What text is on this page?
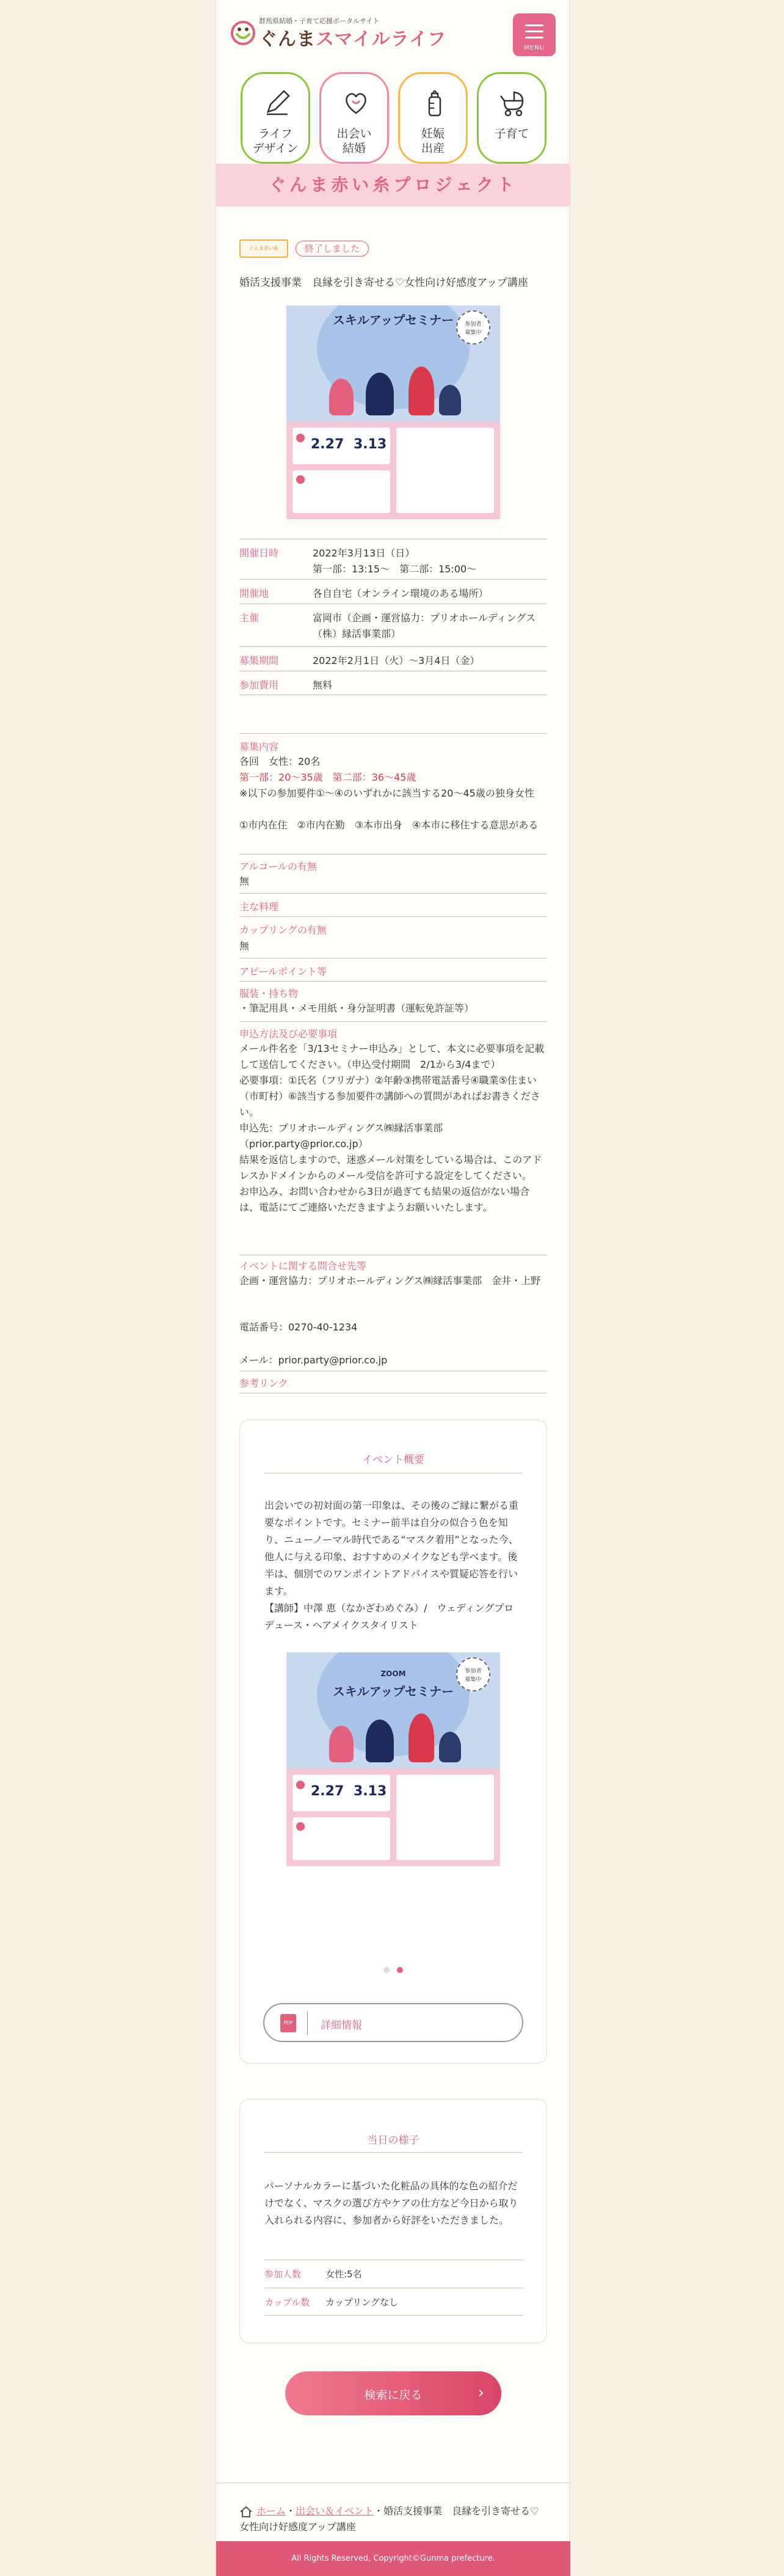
群馬県結婚・子育て応援ポータルサイト
ぐんまスマイルライフ	MENU
ライフ
デザイン
出会い
結婚
妊娠
出産
子育て
ぐんま赤い糸プロジェクト
ぐんま赤い糸	終了しました
婚活支援事業　良縁を引き寄せる♡女性向け好感度アップ講座
スキルアップセミナー	参加者
募集中
2.27 3.13
開催日時	2022年3月13日（日）
第一部：13:15～　第二部：15:00～
開催地	各自自宅（オンライン環境のある場所）
主催	富岡市（企画・運営協力：プリオホールディングス（株）縁活事業部）
募集期間	2022年2月1日（火）〜3月4日（金）
参加費用	無料
募集内容
各回　女性：20名
第一部：20〜35歳　第二部：36〜45歳
※以下の参加要件①〜④のいずれかに該当する20〜45歳の独身女性
①市内在住　②市内在勤　③本市出身　④本市に移住する意思がある
アルコールの有無
無
主な料理
カップリングの有無
無
アピールポイント等
服装・持ち物
・筆記用具・メモ用紙・身分証明書（運転免許証等）
申込方法及び必要事項
メール件名を「3/13セミナー申込み」として、本文に必要事項を記載して送信してください。（申込受付期間　2/1から3/4まで）
必要事項：①氏名（フリガナ）②年齢③携帯電話番号④職業⑤住まい（市町村）⑥該当する参加要件⑦講師への質問があればお書きください。
申込先：プリオホールディングス㈱縁活事業部
（prior.party@prior.co.jp）
結果を返信しますので、迷惑メール対策をしている場合は、このアドレスかドメインからのメール受信を許可する設定をしてください。
お申込み、お問い合わせから3日が過ぎても結果の返信がない場合は、電話にてご連絡いただきますようお願いいたします。
イベントに関する問合せ先等
企画・運営協力：プリオホールディングス㈱縁活事業部　金井・上野
電話番号：0270-40-1234
メール：prior.party@prior.co.jp
参考リンク
イベント概要
出会いでの初対面の第一印象は、その後のご縁に繋がる重要なポイントです。セミナー前半は自分の似合う色を知り、ニューノーマル時代である“マスク着用”となった今、他人に与える印象、おすすめのメイクなども学べます。後半は、個別でのワンポイントアドバイスや質疑応答を行います。
【講師】中澤 恵（なかざわめぐみ）/　ウェディングプロデュース・ヘアメイクスタイリスト
ZOOM
スキルアップセミナー
参加者
募集中
2.27 3.13
PDF	詳細情報
当日の様子
パーソナルカラーに基づいた化粧品の具体的な色の紹介だけでなく、マスクの選び方やケアの仕方など今日から取り入れられる内容に、参加者から好評をいただきました。
参加人数	女性:5名
カップル数 カップリングなし
検索に戻る	›
ホーム・出会い＆イベント・婚活支援事業　良縁を引き寄せる♡女性向け好感度アップ講座
All Rights Reserved, Copyright©Gunma prefecture.
